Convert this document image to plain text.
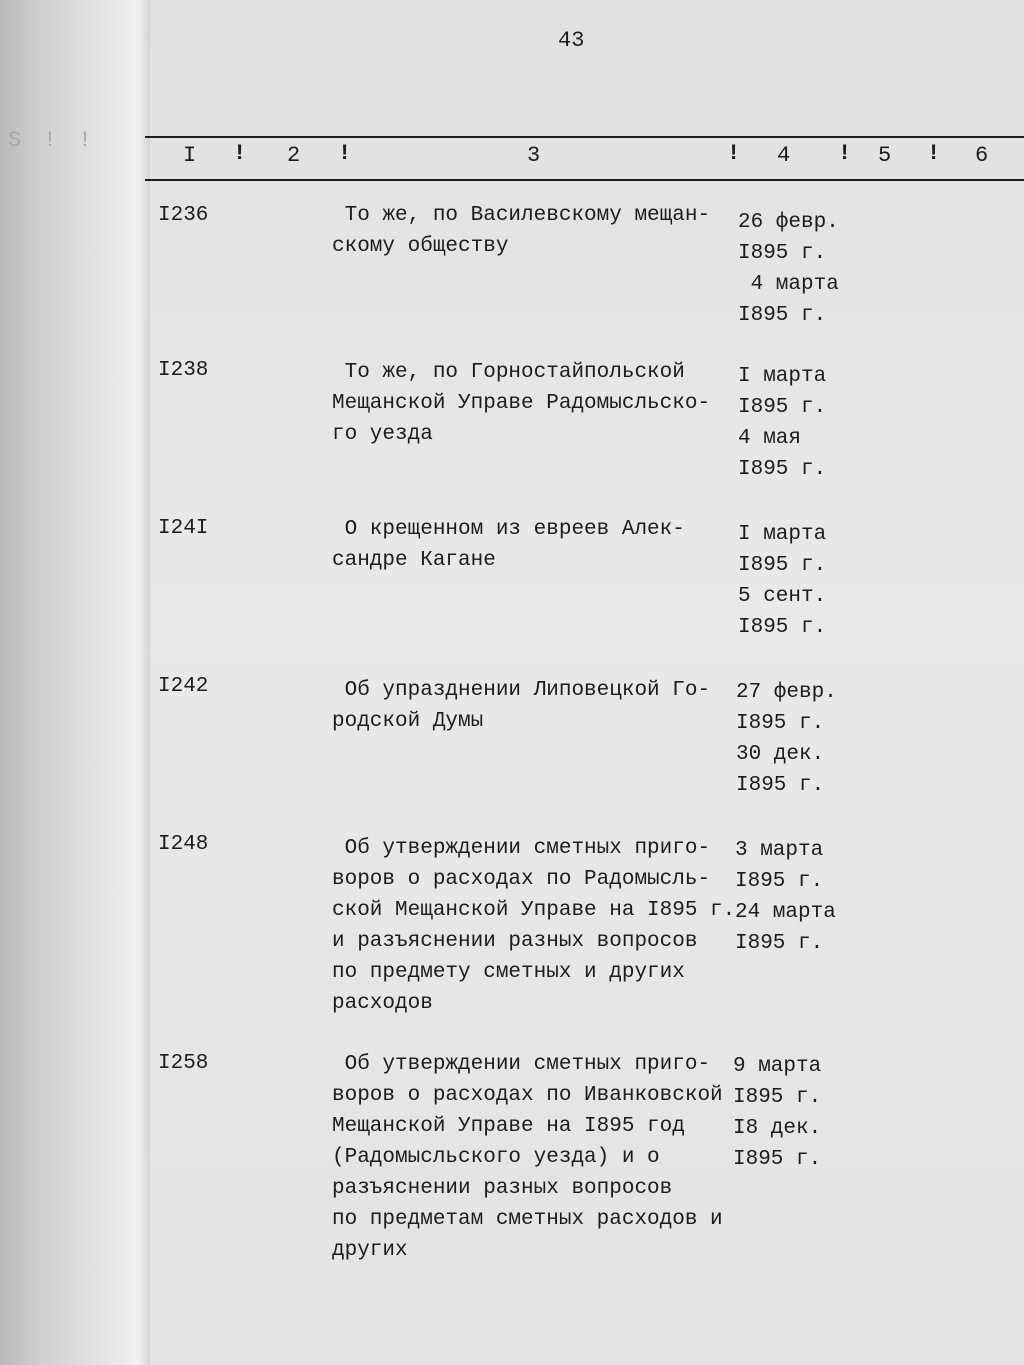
S!!
43
I ! 2 !	3	! 4 ! 5 ! 6
I236	То же, по Василевскому мещан-
скому обществу
26 февр.
I895 г.
4 марта
I895 г.
I238	То же, по Горностайпольской
Мещанской Управе Радомысльско-
го уезда
I марта
I895 г.
4 мая
I895 г.
I24I	О крещенном из евреев Алек-
сандре Кагане
I марта
I895 г.
5 сент.
I895 г.
I242	Об упразднении Липовецкой Го-
родской Думы
27 февр.
I895 г.
30 дек.
I895 г.
I248	Об утверждении сметных приго-
воров о расходах по Радомысль-
ской Мещанской Управе на I895 г.
и разъяснении разных вопросов
по предмету сметных и других
расходов
3 марта
I895 г.
24 марта
I895 г.
I258	Об утверждении сметных приго-
воров о расходах по Иванковской
Мещанской Управе на I895 год
(Радомысльского уезда) и о
разъяснении разных вопросов
по предметам сметных расходов и
других
9 марта
I895 г.
I8 дек.
I895 г.
